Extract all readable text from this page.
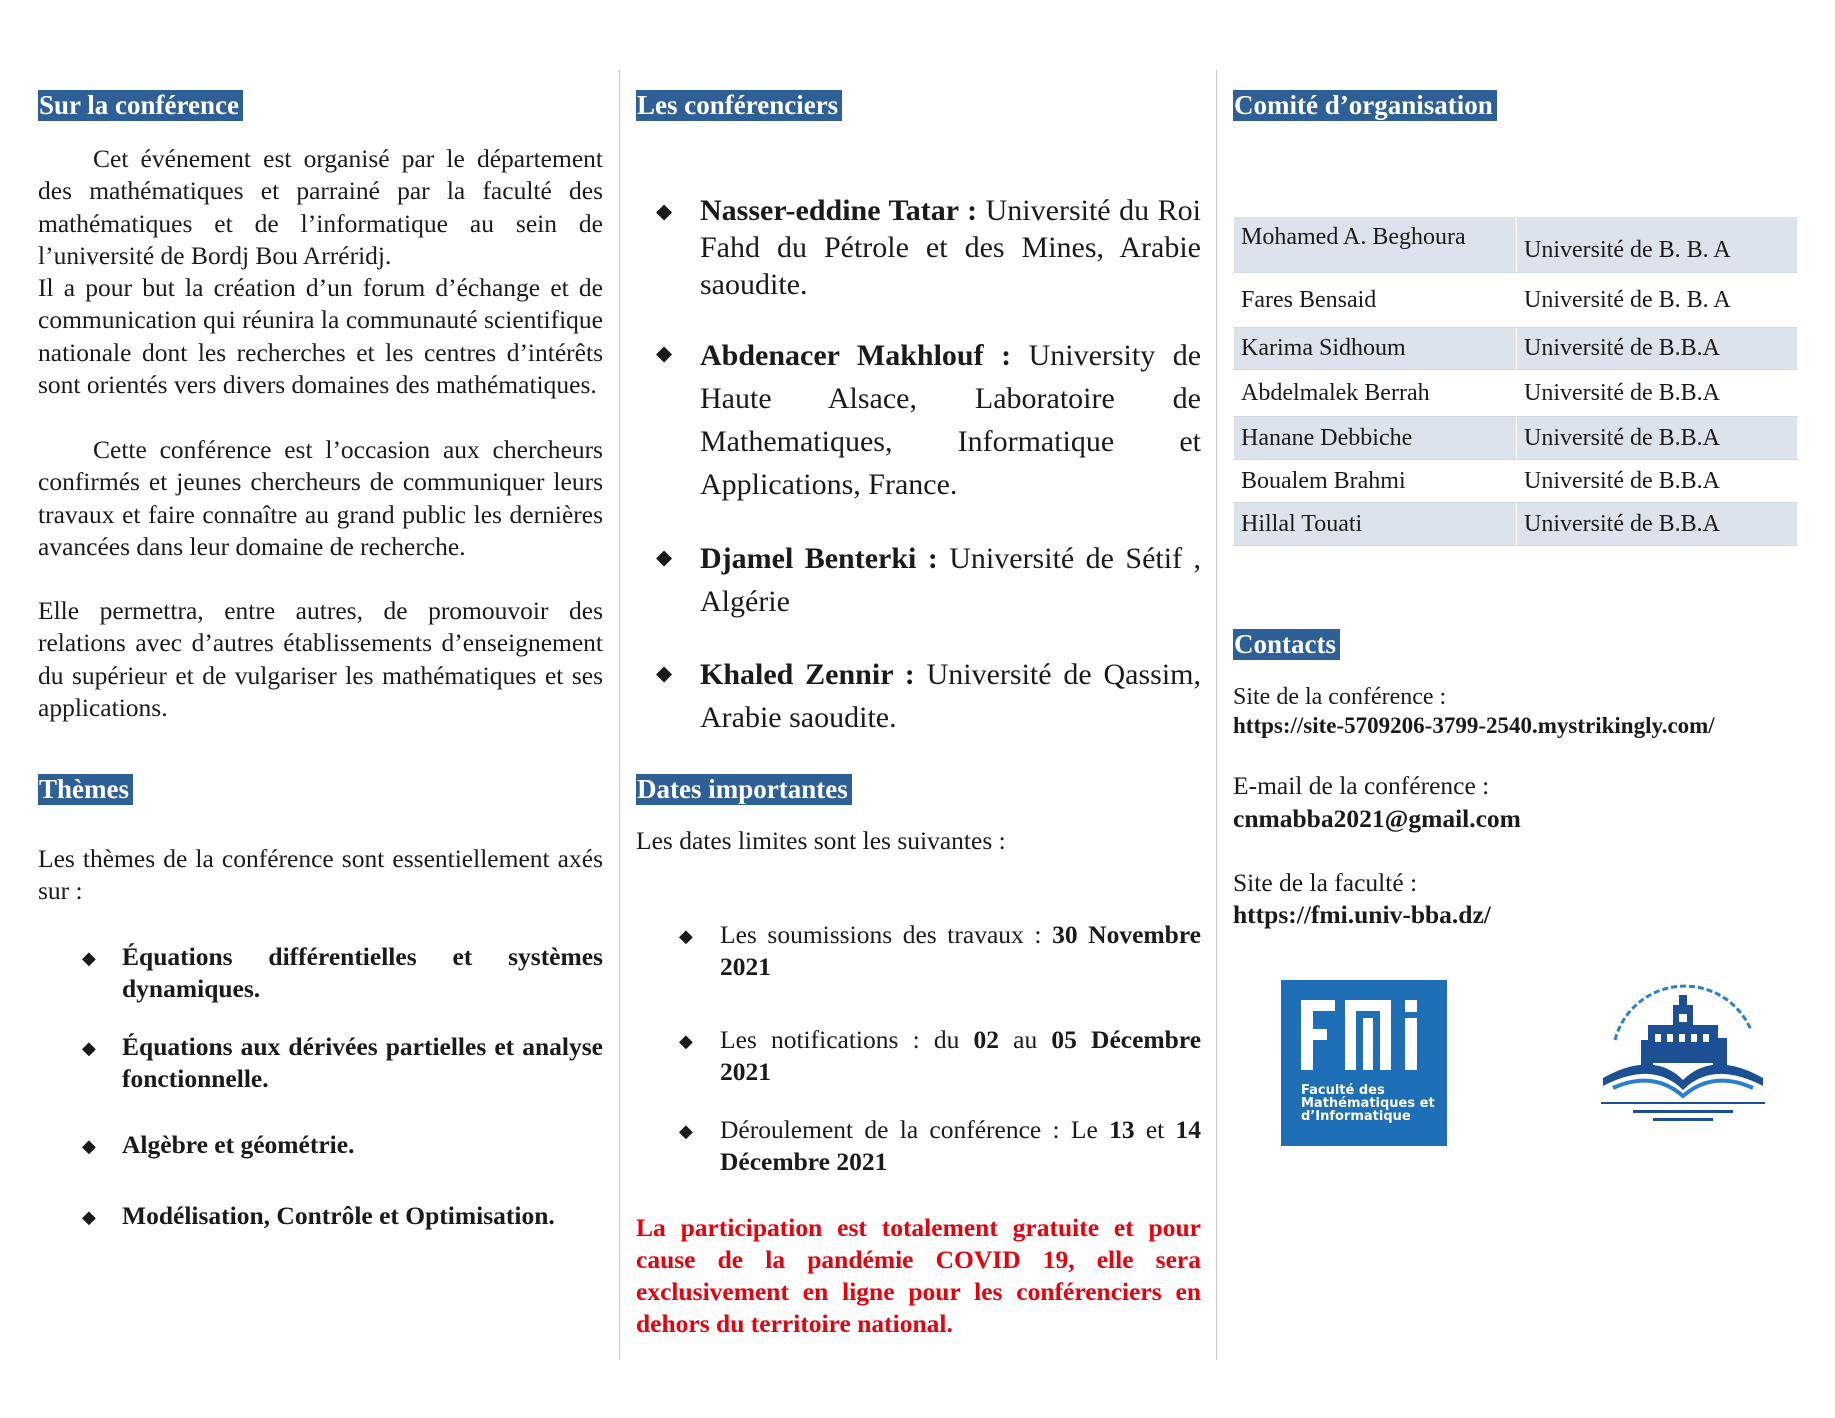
Sur la conférence
Cet événement est organisé par le département des mathématiques et parrainé par la faculté des mathématiques et de l’informatique au sein de l’université de Bordj Bou Arréridj.
Il a pour but la création d’un forum d’échange et de communication qui réunira la communauté scientifique nationale dont les recherches et les centres d’intérêts sont orientés vers divers domaines des mathématiques.
Cette conférence est l’occasion aux chercheurs confirmés et jeunes chercheurs de communiquer leurs travaux et faire connaître au grand public les dernières avancées dans leur domaine de recherche.
Elle permettra, entre autres, de promouvoir des relations avec d’autres établissements d’enseignement du supérieur et de vulgariser les mathématiques et ses applications.
Thèmes
Les thèmes de la conférence sont essentiellement axés sur :
◆ Équations différentielles et systèmes dynamiques.
◆ Équations aux dérivées partielles et analyse fonctionnelle.
◆ Algèbre et géométrie.
◆ Modélisation, Contrôle et Optimisation.
Les conférenciers
◆ Nasser-eddine Tatar : Université du Roi Fahd du Pétrole et des Mines, Arabie saoudite.
◆ Abdenacer Makhlouf : University de Haute Alsace, Laboratoire de Mathematiques, Informatique et Applications, France.
◆ Djamel Benterki : Université de Sétif , Algérie
◆ Khaled Zennir : Université de Qassim, Arabie saoudite.
Dates importantes
Les dates limites sont les suivantes :
◆ Les soumissions des travaux : 30 Novembre 2021
◆ Les notifications : du 02 au 05 Décembre 2021
◆ Déroulement de la conférence : Le 13 et 14 Décembre 2021
La participation est totalement gratuite et pour cause de la pandémie COVID 19, elle sera exclusivement en ligne pour les conférenciers en dehors du territoire national.
Comité d’organisation
Mohamed A. Beghoura	Université de B. B. A
Fares Bensaid	Université de B. B. A
Karima Sidhoum	Université de B.B.A
Abdelmalek Berrah	Université de B.B.A
Hanane Debbiche	Université de B.B.A
Boualem Brahmi	Université de B.B.A
Hillal Touati	Université de B.B.A
Contacts
Site de la conférence :
https://site-5709206-3799-2540.mystrikingly.com/
E-mail de la conférence :
cnmabba2021@gmail.com
Site de la faculté :
https://fmi.univ-bba.dz/
Faculté des
Mathématiques et
d’Informatique
